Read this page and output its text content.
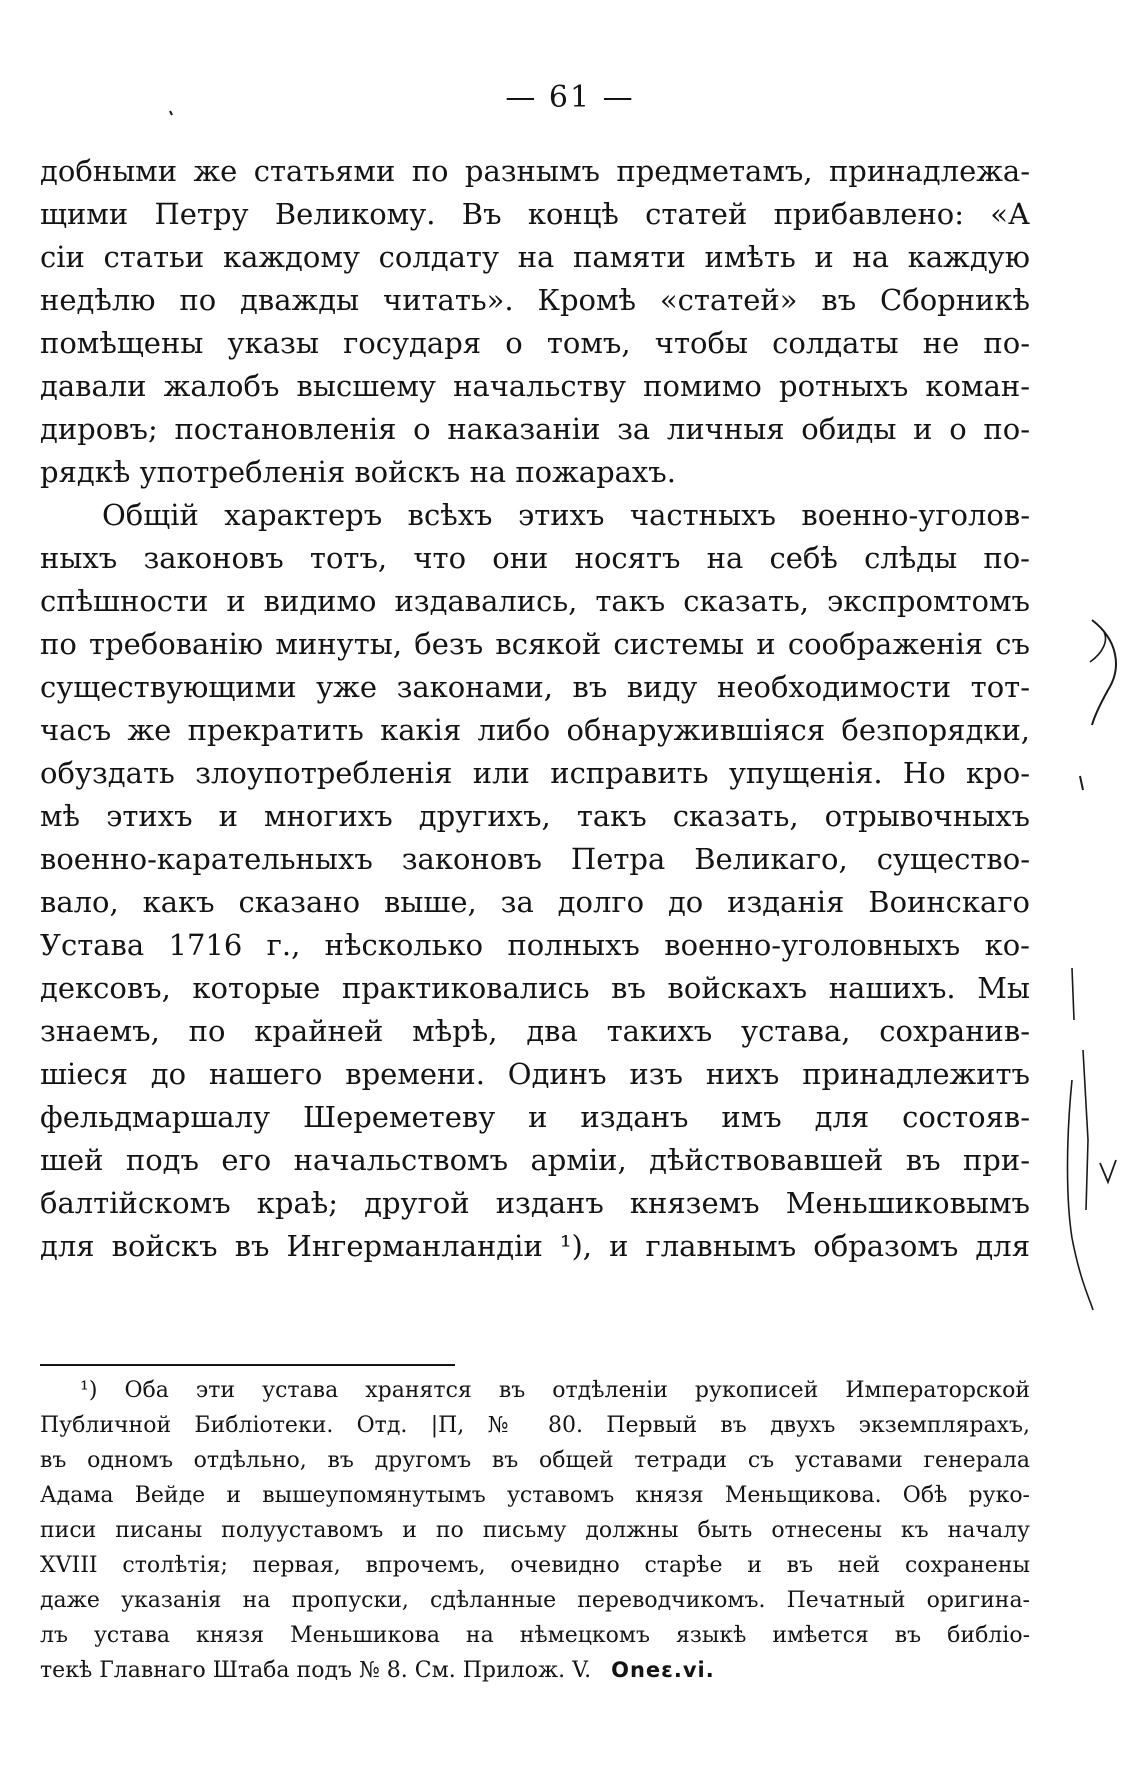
— 61 —
добными же статьями по разнымъ предметамъ, принадлежа-
щими Петру Великому. Въ концѣ статей прибавлено: «А
сіи статьи каждому солдату на памяти имѣть и на каждую
недѣлю по дважды читать». Кромѣ «статей» въ Сборникѣ
помѣщены указы государя о томъ, чтобы солдаты не по-
давали жалобъ высшему начальству помимо ротныхъ коман-
дировъ; постановленія о наказаніи за личныя обиды и о по-
рядкѣ употребленія войскъ на пожарахъ.
Общій характеръ всѣхъ этихъ частныхъ военно-уголов-
ныхъ законовъ тотъ, что они носятъ на себѣ слѣды по-
спѣшности и видимо издавались, такъ сказать, экспромтомъ
по требованію минуты, безъ всякой системы и соображенія съ
существующими уже законами, въ виду необходимости тот-
часъ же прекратить какія либо обнаружившіяся безпорядки,
обуздать злоупотребленія или исправить упущенія. Но кро-
мѣ этихъ и многихъ другихъ, такъ сказать, отрывочныхъ
военно-карательныхъ законовъ Петра Великаго, существо-
вало, какъ сказано выше, за долго до изданія Воинскаго
Устава 1716 г., нѣсколько полныхъ военно-уголовныхъ ко-
дексовъ, которые практиковались въ войскахъ нашихъ. Мы
знаемъ, по крайней мѣрѣ, два такихъ устава, сохранив-
шіеся до нашего времени. Одинъ изъ нихъ принадлежитъ
фельдмаршалу Шереметеву и изданъ имъ для состояв-
шей подъ его начальствомъ арміи, дѣйствовавшей въ при-
балтійскомъ краѣ; другой изданъ княземъ Меньшиковымъ
для войскъ въ Ингерманландіи ¹), и главнымъ образомъ для
¹) Оба эти устава хранятся въ отдѣленіи рукописей Императорской
Публичной Библіотеки. Отд. |П, № 80. Первый въ двухъ экземплярахъ,
въ одномъ отдѣльно, въ другомъ въ общей тетради съ уставами генерала
Адама Вейде и вышеупомянутымъ уставомъ князя Меньщикова. Обѣ руко-
писи писаны полууставомъ и по письму должны быть отнесены къ началу
XVIII столѣтія; первая, впрочемъ, очевидно старѣе и въ ней сохранены
даже указанія на пропуски, сдѣланные переводчикомъ. Печатный оригина-
лъ устава князя Меньшикова на нѣмецкомъ языкѣ имѣется въ библіо-
текѣ Главнаго Штаба подъ № 8. См. Прилож. V. Oneɛ.vi.
